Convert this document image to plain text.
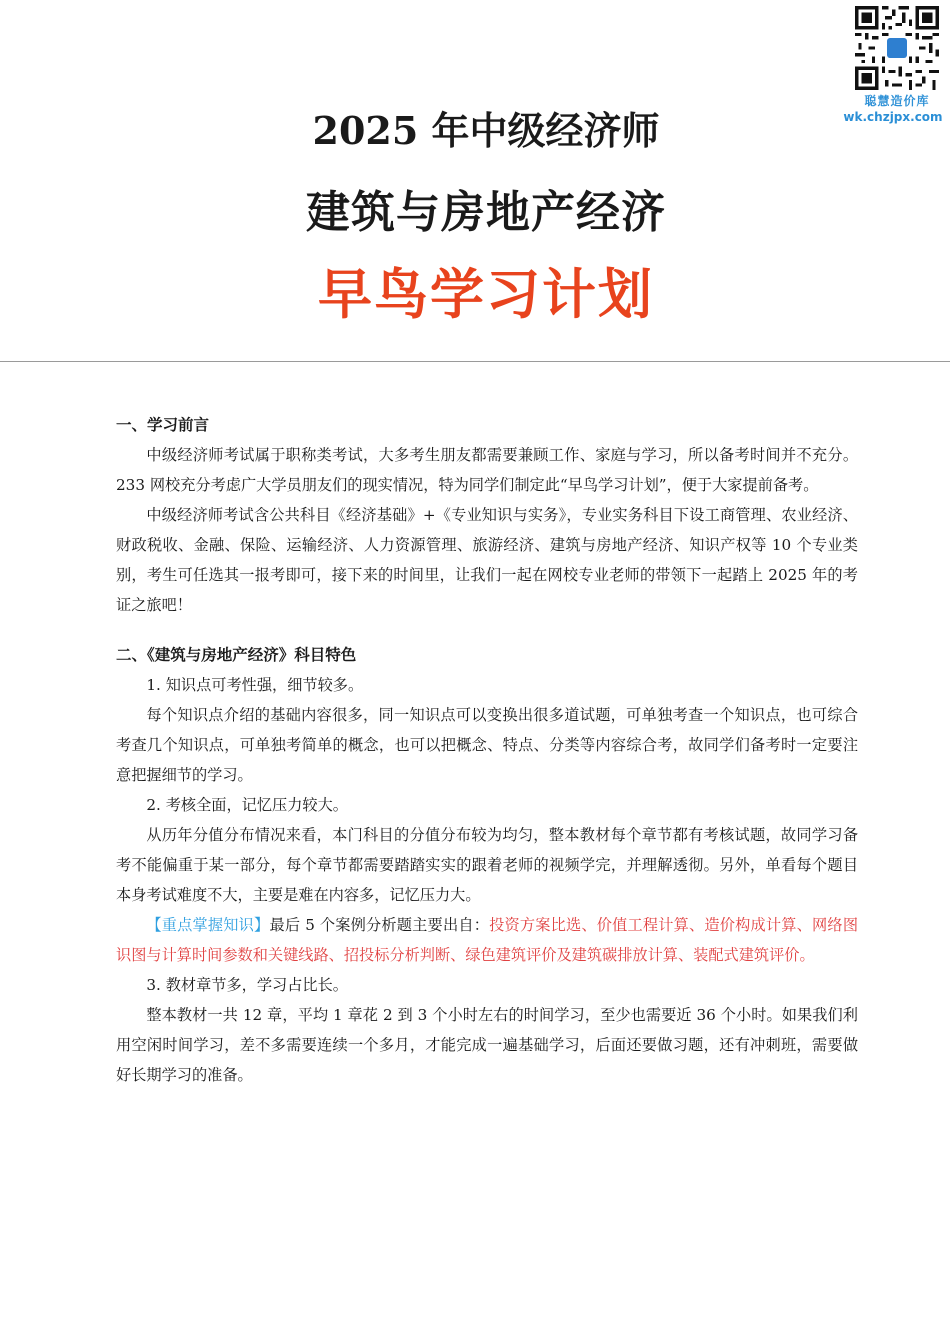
聪慧造价库
wk.chzjpx.com
2025 年中级经济师
建筑与房地产经济
早鸟学习计划

一、学习前言

中级经济师考试属于职称类考试，大多考生朋友都需要兼顾工作、家庭与学习，所以备考时间并不充分。233 网校充分考虑广大学员朋友们的现实情况，特为同学们制定此“早鸟学习计划”，便于大家提前备考。

中级经济师考试含公共科目《经济基础》+《专业知识与实务》，专业实务科目下设工商管理、农业经济、财政税收、金融、保险、运输经济、人力资源管理、旅游经济、建筑与房地产经济、知识产权等 10 个专业类别，考生可任选其一报考即可，接下来的时间里，让我们一起在网校专业老师的带领下一起踏上 2025 年的考证之旅吧！

二、《建筑与房地产经济》科目特色

1. 知识点可考性强，细节较多。

每个知识点介绍的基础内容很多，同一知识点可以变换出很多道试题，可单独考查一个知识点，也可综合考查几个知识点，可单独考简单的概念，也可以把概念、特点、分类等内容综合考，故同学们备考时一定要注意把握细节的学习。

2. 考核全面，记忆压力较大。

从历年分值分布情况来看，本门科目的分值分布较为均匀，整本教材每个章节都有考核试题，故同学习备考不能偏重于某一部分，每个章节都需要踏踏实实的跟着老师的视频学完，并理解透彻。另外，单看每个题目本身考试难度不大，主要是难在内容多，记忆压力大。

【重点掌握知识】最后 5 个案例分析题主要出自：投资方案比选、价值工程计算、造价构成计算、网络图识图与计算时间参数和关键线路、招投标分析判断、绿色建筑评价及建筑碳排放计算、装配式建筑评价。

3. 教材章节多，学习占比长。

整本教材一共 12 章，平均 1 章花 2 到 3 个小时左右的时间学习，至少也需要近 36 个小时。如果我们利用空闲时间学习，差不多需要连续一个多月，才能完成一遍基础学习，后面还要做习题，还有冲刺班，需要做好长期学习的准备。
